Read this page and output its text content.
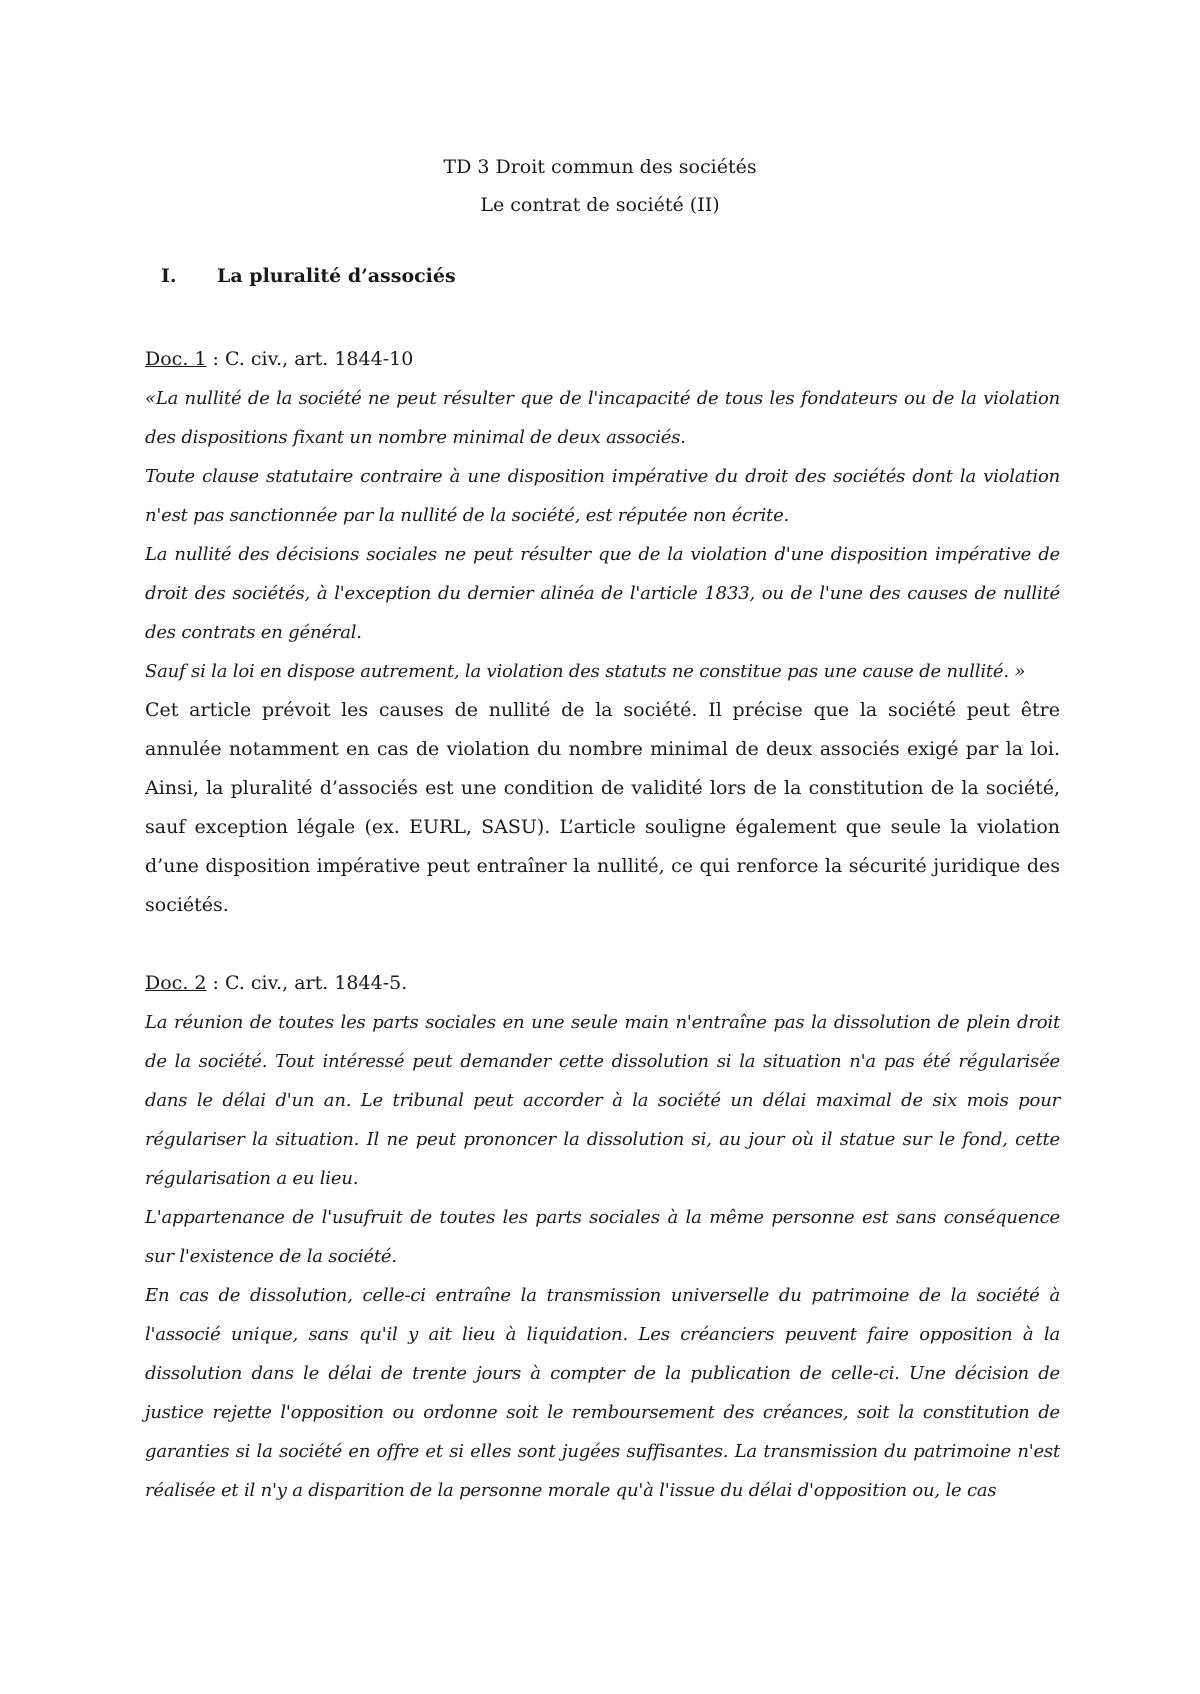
TD 3 Droit commun des sociétés
Le contrat de société (II)
I. La pluralité d’associés
Doc. 1 : C. civ., art. 1844-10

«La nullité de la société ne peut résulter que de l'incapacité de tous les fondateurs ou de la violation des dispositions fixant un nombre minimal de deux associés.

Toute clause statutaire contraire à une disposition impérative du droit des sociétés dont la violation n'est pas sanctionnée par la nullité de la société, est réputée non écrite.

La nullité des décisions sociales ne peut résulter que de la violation d'une disposition impérative de droit des sociétés, à l'exception du dernier alinéa de l'article 1833, ou de l'une des causes de nullité des contrats en général.

Sauf si la loi en dispose autrement, la violation des statuts ne constitue pas une cause de nullité. »

Cet article prévoit les causes de nullité de la société. Il précise que la société peut être annulée notamment en cas de violation du nombre minimal de deux associés exigé par la loi. Ainsi, la pluralité d’associés est une condition de validité lors de la constitution de la société, sauf exception légale (ex. EURL, SASU). L’article souligne également que seule la violation d’une disposition impérative peut entraîner la nullité, ce qui renforce la sécurité juridique des sociétés.

Doc. 2 : C. civ., art. 1844-5.

La réunion de toutes les parts sociales en une seule main n'entraîne pas la dissolution de plein droit de la société. Tout intéressé peut demander cette dissolution si la situation n'a pas été régularisée dans le délai d'un an. Le tribunal peut accorder à la société un délai maximal de six mois pour régulariser la situation. Il ne peut prononcer la dissolution si, au jour où il statue sur le fond, cette régularisation a eu lieu.

L'appartenance de l'usufruit de toutes les parts sociales à la même personne est sans conséquence sur l'existence de la société.

En cas de dissolution, celle-ci entraîne la transmission universelle du patrimoine de la société à l'associé unique, sans qu'il y ait lieu à liquidation. Les créanciers peuvent faire opposition à la dissolution dans le délai de trente jours à compter de la publication de celle-ci. Une décision de justice rejette l'opposition ou ordonne soit le remboursement des créances, soit la constitution de garanties si la société en offre et si elles sont jugées suffisantes. La transmission du patrimoine n'est réalisée et il n'y a disparition de la personne morale qu'à l'issue du délai d'opposition ou, le cas
